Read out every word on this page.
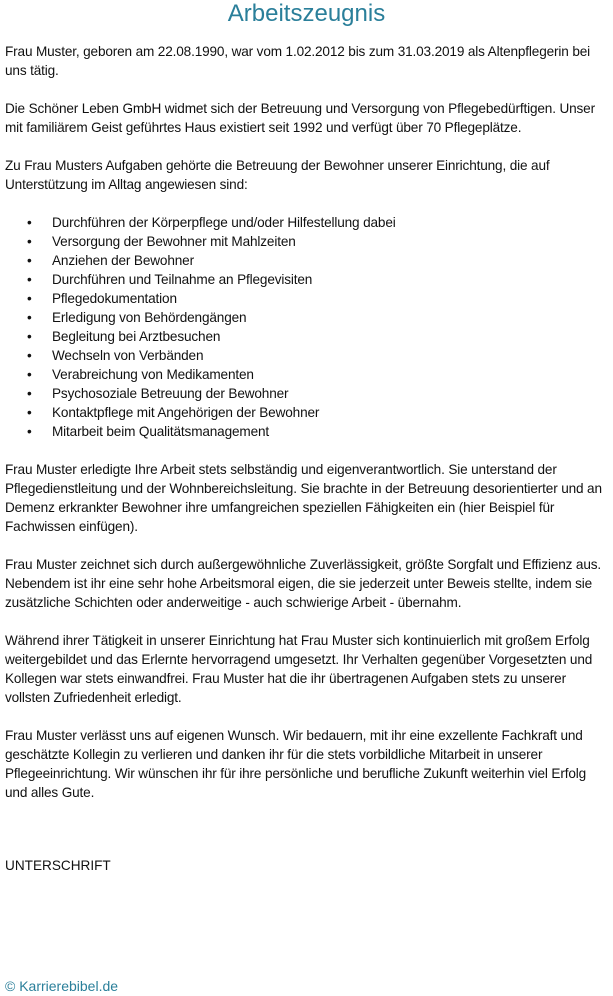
Arbeitszeugnis

Frau Muster, geboren am 22.08.1990, war vom 1.02.2012 bis zum 31.03.2019 als Altenpflegerin bei uns tätig.

Die Schöner Leben GmbH widmet sich der Betreuung und Versorgung von Pflegebedürftigen. Unser mit familiärem Geist geführtes Haus existiert seit 1992 und verfügt über 70 Pflegeplätze.

Zu Frau Musters Aufgaben gehörte die Betreuung der Bewohner unserer Einrichtung, die auf Unterstützung im Alltag angewiesen sind:

• Durchführen der Körperpflege und/oder Hilfestellung dabei
• Versorgung der Bewohner mit Mahlzeiten
• Anziehen der Bewohner
• Durchführen und Teilnahme an Pflegevisiten
• Pflegedokumentation
• Erledigung von Behördengängen
• Begleitung bei Arztbesuchen
• Wechseln von Verbänden
• Verabreichung von Medikamenten
• Psychosoziale Betreuung der Bewohner
• Kontaktpflege mit Angehörigen der Bewohner
• Mitarbeit beim Qualitätsmanagement

Frau Muster erledigte Ihre Arbeit stets selbständig und eigenverantwortlich. Sie unterstand der Pflegedienstleitung und der Wohnbereichsleitung. Sie brachte in der Betreuung desorientierter und an Demenz erkrankter Bewohner ihre umfangreichen speziellen Fähigkeiten ein (hier Beispiel für Fachwissen einfügen).

Frau Muster zeichnet sich durch außergewöhnliche Zuverlässigkeit, größte Sorgfalt und Effizienz aus. Nebendem ist ihr eine sehr hohe Arbeitsmoral eigen, die sie jederzeit unter Beweis stellte, indem sie zusätzliche Schichten oder anderweitige - auch schwierige Arbeit - übernahm.

Während ihrer Tätigkeit in unserer Einrichtung hat Frau Muster sich kontinuierlich mit großem Erfolg weitergebildet und das Erlernte hervorragend umgesetzt. Ihr Verhalten gegenüber Vorgesetzten und Kollegen war stets einwandfrei. Frau Muster hat die ihr übertragenen Aufgaben stets zu unserer vollsten Zufriedenheit erledigt.

Frau Muster verlässt uns auf eigenen Wunsch. Wir bedauern, mit ihr eine exzellente Fachkraft und geschätzte Kollegin zu verlieren und danken ihr für die stets vorbildliche Mitarbeit in unserer Pflegeeinrichtung. Wir wünschen ihr für ihre persönliche und berufliche Zukunft weiterhin viel Erfolg und alles Gute.

UNTERSCHRIFT
© Karrierebibel.de
